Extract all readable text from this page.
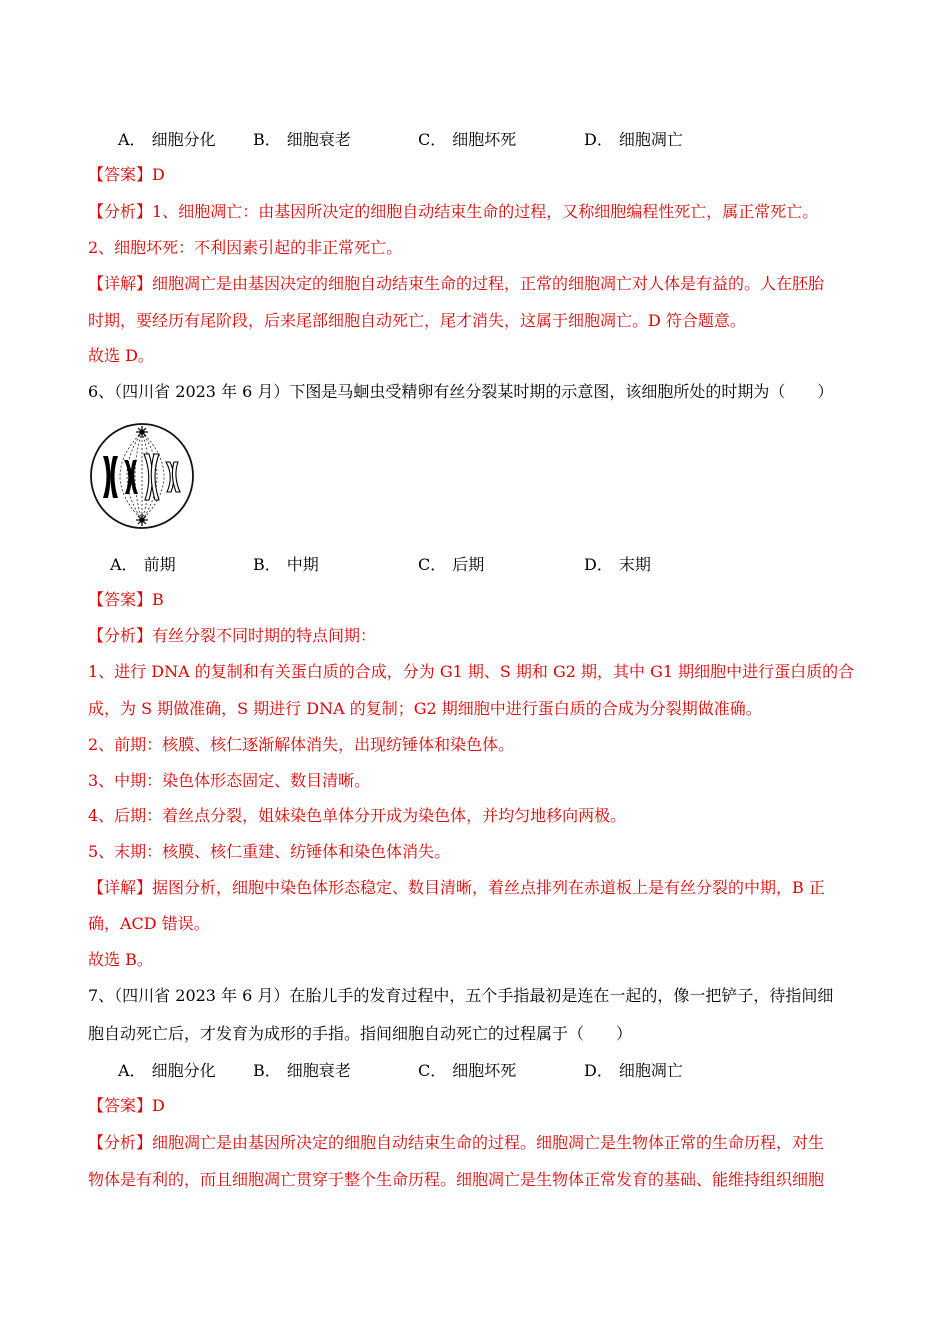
A． 细胞分化 B． 细胞衰老	C． 细胞坏死	D． 细胞凋亡
【答案】D
【分析】1、细胞凋亡：由基因所决定的细胞自动结束生命的过程，又称细胞编程性死亡，属正常死亡。
2、细胞坏死：不利因素引起的非正常死亡。
【详解】细胞凋亡是由基因决定的细胞自动结束生命的过程，正常的细胞凋亡对人体是有益的。人在胚胎
时期，要经历有尾阶段，后来尾部细胞自动死亡，尾才消失，这属于细胞凋亡。D 符合题意。
故选 D。
6、（四川省 2023 年 6 月）下图是马蛔虫受精卵有丝分裂某时期的示意图，该细胞所处的时期为（　　）
A． 前期	B． 中期	C． 后期	D． 末期
【答案】B
【分析】有丝分裂不同时期的特点间期：
1、进行 DNA 的复制和有关蛋白质的合成，分为 G1 期、S 期和 G2 期，其中 G1 期细胞中进行蛋白质的合
成，为 S 期做准确，S 期进行 DNA 的复制；G2 期细胞中进行蛋白质的合成为分裂期做准确。
2、前期：核膜、核仁逐渐解体消失，出现纺锤体和染色体。
3、中期：染色体形态固定、数目清晰。
4、后期：着丝点分裂，姐妹染色单体分开成为染色体，并均匀地移向两极。
5、末期：核膜、核仁重建、纺锤体和染色体消失。
【详解】据图分析，细胞中染色体形态稳定、数目清晰，着丝点排列在赤道板上是有丝分裂的中期，B 正
确，ACD 错误。
故选 B。
7、（四川省 2023 年 6 月）在胎儿手的发育过程中，五个手指最初是连在一起的，像一把铲子，待指间细
胞自动死亡后，才发育为成形的手指。指间细胞自动死亡的过程属于（　　）
A． 细胞分化 B． 细胞衰老	C． 细胞坏死	D． 细胞凋亡
【答案】D
【分析】细胞凋亡是由基因所决定的细胞自动结束生命的过程。细胞凋亡是生物体正常的生命历程，对生
物体是有利的，而且细胞凋亡贯穿于整个生命历程。细胞凋亡是生物体正常发育的基础、能维持组织细胞
